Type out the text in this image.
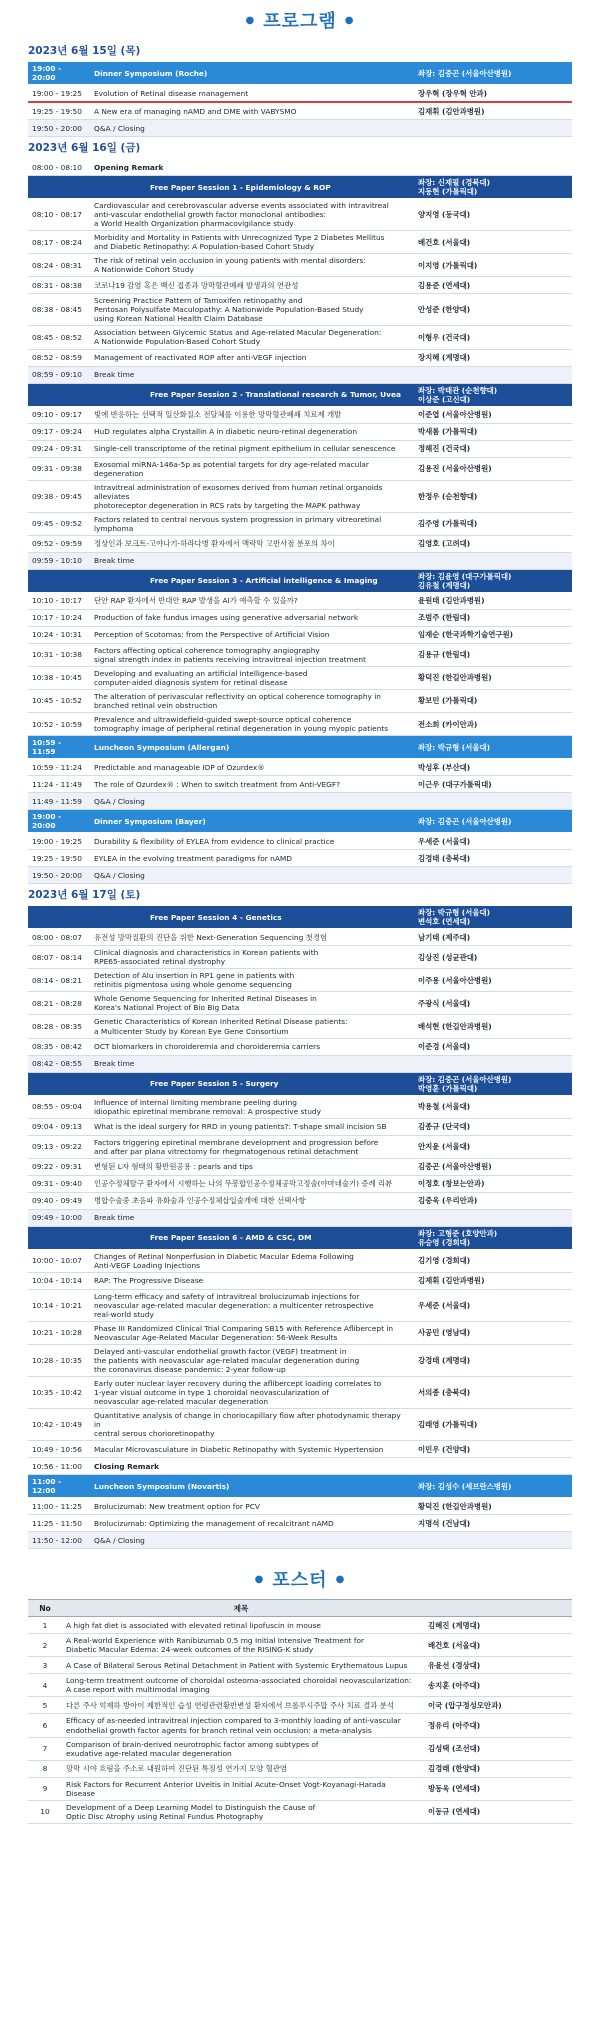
● 프로그램 ●
2023년 6월 15일 (목)
19:00 - 20:00	Dinner Symposium (Roche)	좌장: 김중곤 (서울아산병원)
19:00 - 19:25	Evolution of Retinal disease management	장우혁 (장우혁 안과)
19:25 - 19:50	A New era of managing nAMD and DME with VABYSMO	김재휘 (김안과병원)
19:50 - 20:00	Q&A / Closing	
2023년 6월 16일 (금)
08:00 - 08:10	Opening Remark	
	Free Paper Session 1 - Epidemiology & ROP	좌장: 신재필 (경북대)
지동현 (가톨릭대)
08:10 - 08:17	Cardiovascular and cerebrovascular adverse events associated with intravitreal
anti-vascular endothelial growth factor monoclonal antibodies:
a World Health Organization pharmacovigilance study	양지영 (동국대)
08:17 - 08:24	Morbidity and Mortality in Patients with Unrecognized Type 2 Diabetes Mellitus
and Diabetic Retinopathy: A Population-based Cohort Study	배건호 (서울대)
08:24 - 08:31	The risk of retinal vein occlusion in young patients with mental disorders:
A Nationwide Cohort Study	이지영 (가톨릭대)
08:31 - 08:38	코로나19 감염 혹은 백신 접종과 망막혈관폐쇄 발생과의 연관성	김용준 (연세대)
08:38 - 08:45	Screening Practice Pattern of Tamoxifen retinopathy and
Pentosan Polysulfate Maculopathy: A Nationwide Population-Based Study
using Korean National Health Claim Database	안성준 (한양대)
08:45 - 08:52	Association between Glycemic Status and Age-related Macular Degeneration:
A Nationwide Population-Based Cohort Study	이형우 (건국대)
08:52 - 08:59	Management of reactivated ROP after anti-VEGF injection	장지혜 (계명대)
08:59 - 09:10	Break time	
	Free Paper Session 2 - Translational research & Tumor, Uvea	좌장: 박태관 (순천향대)
이상준 (고신대)
09:10 - 09:17	빛에 반응하는 선택적 일산화질소 전달체를 이용한 망막혈관폐쇄 치료제 개발	이준엽 (서울아산병원)
09:17 - 09:24	HuD regulates alpha Crystallin A in diabetic neuro-retinal degeneration	박새롬 (가톨릭대)
09:24 - 09:31	Single-cell transcriptome of the retinal pigment epithelium in cellular senescence	정해진 (건국대)
09:31 - 09:38	Exosomal miRNA-146a-5p as potential targets for dry age-related macular degeneration	김용진 (서울아산병원)
09:38 - 09:45	Intravitreal administration of exosomes derived from human retinal organoids alleviates
photoreceptor degeneration in RCS rats by targeting the MAPK pathway	한정우 (순천향대)
09:45 - 09:52	Factors related to central nervous system progression in primary vitreoretinal lymphoma	김주영 (가톨릭대)
09:52 - 09:59	정상인과 보크트-고야나기-하라다병 환자에서 맥락막 고반사점 분포의 차이	김영호 (고려대)
09:59 - 10:10	Break time	
	Free Paper Session 3 - Artificial intelligence & Imaging	좌장: 김윤영 (대구가톨릭대)
김유철 (계명대)
10:10 - 10:17	단안 RAP 환자에서 반대안 RAP 발생을 AI가 예측할 수 있을까?	윤원태 (김안과병원)
10:17 - 10:24	Production of fake fundus images using generative adversarial network	조범주 (한림대)
10:24 - 10:31	Perception of Scotomas: from the Perspective of Artificial Vision	임재순 (한국과학기술연구원)
10:31 - 10:38	Factors affecting optical coherence tomography angiography
signal strength index in patients receiving intravitreal injection treatment	김용규 (한림대)
10:38 - 10:45	Developing and evaluating an artificial intelligence-based
computer-aided diagnosis system for retinal disease	황덕진 (한길안과병원)
10:45 - 10:52	The alteration of perivascular reflectivity on optical coherence tomography in
branched retinal vein obstruction	황보민 (가톨릭대)
10:52 - 10:59	Prevalence and ultrawidefield-guided swept-source optical coherence
tomography image of peripheral retinal degeneration in young myopic patients	전소희 (카이안과)
10:59 - 11:59	Luncheon Symposium (Allergan)	좌장: 박규형 (서울대)
10:59 - 11:24	Predictable and manageable IOP of Ozurdex®	박성후 (부산대)
11:24 - 11:49	The role of Ozurdex® : When to switch treatment from Anti-VEGF?	이근우 (대구가톨릭대)
11:49 - 11:59	Q&A / Closing	
19:00 - 20:00	Dinner Symposium (Bayer)	좌장: 김중곤 (서울아산병원)
19:00 - 19:25	Durability & flexibility of EYLEA from evidence to clinical practice	우세준 (서울대)
19:25 - 19:50	EYLEA in the evolving treatment paradigms for nAMD	김경태 (충북대)
19:50 - 20:00	Q&A / Closing	
2023년 6월 17일 (토)
	Free Paper Session 4 - Genetics	좌장: 박규형 (서울대)
변석호 (연세대)
08:00 - 08:07	유전성 망막질환의 진단을 위한 Next-Generation Sequencing 첫경험	남기태 (제주대)
08:07 - 08:14	Clinical diagnosis and characteristics in Korean patients with
RPE65-associated retinal dystrophy	김상진 (성균관대)
08:14 - 08:21	Detection of Alu insertion in RP1 gene in patients with
retinitis pigmentosa using whole genome sequencing	이주용 (서울아산병원)
08:21 - 08:28	Whole Genome Sequencing for Inherited Retinal Diseases in
Korea's National Project of Bio Big Data	주광식 (서울대)
08:28 - 08:35	Genetic Characteristics of Korean Inherited Retinal Disease patients:
a Multicenter Study by Korean Eye Gene Consortium	배석현 (한길안과병원)
08:35 - 08:42	OCT biomarkers in choroideremia and choroideremia carriers	이준경 (서울대)
08:42 - 08:55	Break time	
	Free Paper Session 5 - Surgery	좌장: 김중곤 (서울아산병원)
박영훈 (가톨릭대)
08:55 - 09:04	Influence of Internal limiting membrane peeling during
idiopathic epiretinal membrane removal: A prospective study	박용철 (서울대)
09:04 - 09:13	What is the ideal surgery for RRD in young patients?: T-shape small incision SB	김종규 (단국대)
09:13 - 09:22	Factors triggering epiretinal membrane development and progression before
and after par plana vitrectomy for rhegmatogenous retinal detachment	안지윤 (서울대)
09:22 - 09:31	변형된 L자 형태의 황반원공용 : pearls and tips	김중곤 (서울아산병원)
09:31 - 09:40	인공수정체탈구 환자에서 시행하는 나의 무봉합인공수정체공막고정술(야마네술기) 증례 리뷰	이정호 (창보는안과)
09:40 - 09:49	병합수술중 초음파 유화술과 인공수정체삽입술개에 대한 선택사항	김중욱 (우리안과)
09:49 - 10:00	Break time	
	Free Paper Session 6 - AMD & CSC, DM	좌장: 고형준 (호양안과)
유승영 (경희대)
10:00 - 10:07	Changes of Retinal Nonperfusion in Diabetic Macular Edema Following
Anti-VEGF Loading Injections	김기영 (경희대)
10:04 - 10:14	RAP: The Progressive Disease	김재휘 (김안과병원)
10:14 - 10:21	Long-term efficacy and safety of intravitreal brolucizumab injections for
neovascular age-related macular degeneration: a multicenter retrospective
real-world study	우세준 (서울대)
10:21 - 10:28	Phase III Randomized Clinical Trial Comparing SB15 with Reference Aflibercept in
Neovascular Age-Related Macular Degeneration: 56-Week Results	사공민 (영남대)
10:28 - 10:35	Delayed anti-vascular endothelial growth factor (VEGF) treatment in
the patients with neovascular age-related macular degeneration during
the coronavirus disease pandemic: 2-year follow-up	강경태 (계명대)
10:35 - 10:42	Early outer nuclear layer recovery during the aflibercept loading correlates to
1-year visual outcome in type 1 choroidal neovascularization of
neovascular age-related macular degeneration	서의종 (충북대)
10:42 - 10:49	Quantitative analysis of change in choriocapillary flow after photodynamic therapy in
central serous chorioretinopathy	김래영 (가톨릭대)
10:49 - 10:56	Macular Microvasculature in Diabetic Retinopathy with Systemic Hypertension	이민우 (건양대)
10:56 - 11:00	Closing Remark	
11:00 - 12:00	Luncheon Symposium (Novartis)	좌장: 김성수 (세브란스병원)
11:00 - 11:25	Brolucizumab: New treatment option for PCV	황덕진 (한길안과병원)
11:25 - 11:50	Brolucizumab: Optimizing the management of recalcitrant nAMD	지명석 (건남대)
11:50 - 12:00	Q&A / Closing	
● 포스터 ●
No	제목	
1	A high fat diet is associated with elevated retinal lipofuscin in mouse	김혜진 (계명대)
2	A Real-world Experience with Ranibizumab 0.5 mg Initial Intensive Treatment for
Diabetic Macular Edema: 24-week outcomes of the RISING-K study	배건호 (서울대)
3	A Case of Bilateral Serous Retinal Detachment in Patient with Systemic Erythematous Lupus	유윤선 (경상대)
4	Long-term treatment outcome of choroidal osteoma-associated choroidal neovascularization:
A case report with multimodal imaging	송지훈 (아주대)
5	다른 주사 억제하 방아이 제한적인 습성 연령관련황반변성 환자에서 브롤루시주맙 주사 치료 결과 분석	이국 (압구정성모안과)
6	Efficacy of as-needed intravitreal injection compared to 3-monthly loading of anti-vascular
endothelial growth factor agents for branch retinal vein occlusion: a meta-analysis	정유리 (아주대)
7	Comparison of brain-derived neurotrophic factor among subtypes of
exudative age-related macular degeneration	김성택 (조선대)
8	망막 시야 흐림을 주소로 내원하여 진단된 특징성 연가지 모양 혈관염	김경래 (한양대)
9	Risk Factors for Recurrent Anterior Uveitis in Initial Acute-Onset Vogt-Koyanagi-Harada Disease	방동욱 (연세대)
10	Development of a Deep Learning Model to Distinguish the Cause of
Optic Disc Atrophy using Retinal Fundus Photography	이동규 (연세대)
